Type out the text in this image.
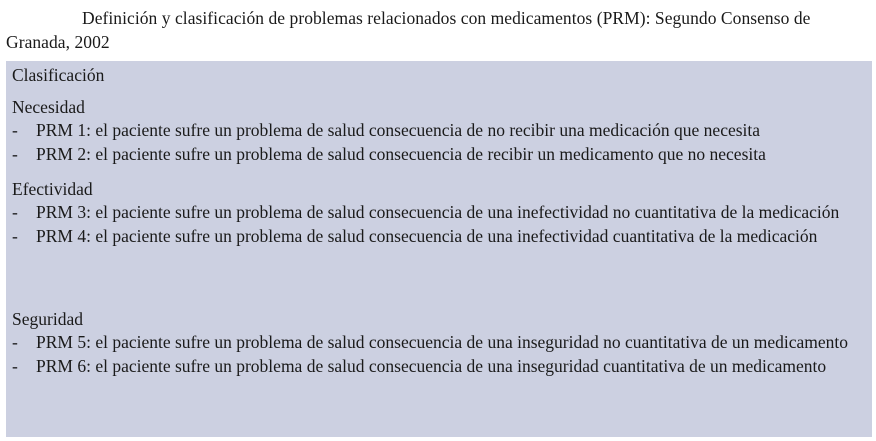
Definición y clasificación de problemas relacionados con medicamentos (PRM): Segundo Consenso de Granada, 2002
Clasificación
Necesidad
- PRM 1: el paciente sufre un problema de salud consecuencia de no recibir una medicación que necesita
- PRM 2: el paciente sufre un problema de salud consecuencia de recibir un medicamento que no necesita
Efectividad
- PRM 3: el paciente sufre un problema de salud consecuencia de una inefectividad no cuantitativa de la medicación
- PRM 4: el paciente sufre un problema de salud consecuencia de una inefectividad cuantitativa de la medicación
Seguridad
- PRM 5: el paciente sufre un problema de salud consecuencia de una inseguridad no cuantitativa de un medicamento
- PRM 6: el paciente sufre un problema de salud consecuencia de una inseguridad cuantitativa de un medicamento
